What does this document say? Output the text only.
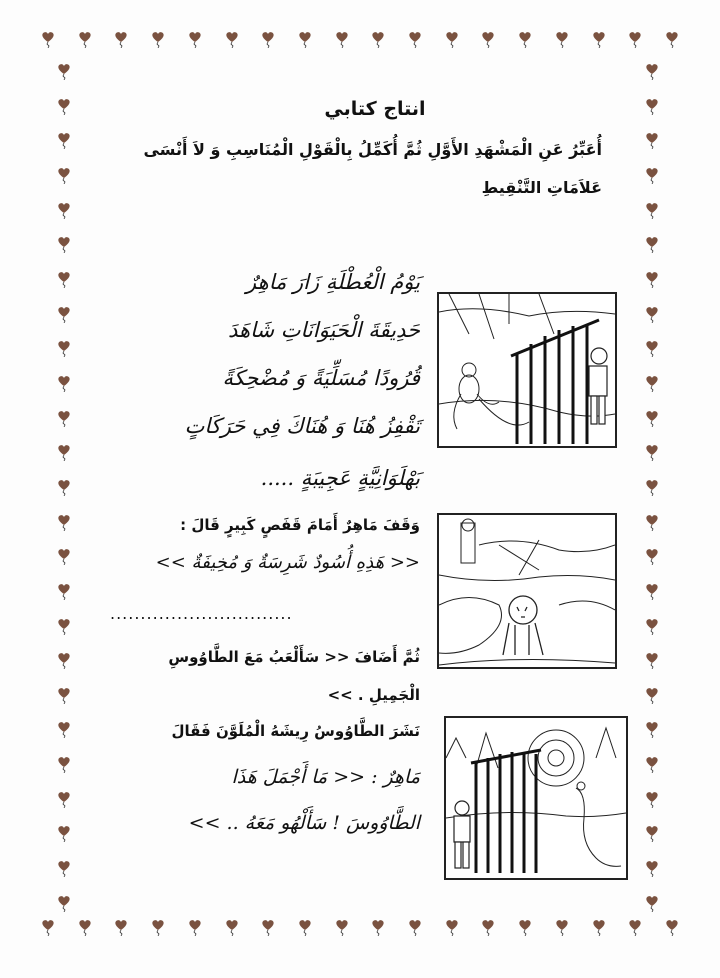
انتاج كتابي
أُعَبِّرُ عَنِ الْمَشْهَدِ الأَوَّلِ ثُمَّ أُكَمِّلُ بِالْقَوْلِ الْمُنَاسِبِ وَ لاَ أَنْسَى
عَلاَمَاتِ التَّنْقِيطِ
يَوْمُ الْعُطْلَةِ زَارَ مَاهِرٌ
حَدِيقَةَ الْحَيَوَانَاتِ شَاهَدَ
قُرُودًا مُسَلِّيَةً وَ مُضْحِكَةً
تَقْفِزُ هُنَا وَ هُنَاكَ فِي حَرَكَاتٍ
بَهْلَوَانِيَّةٍ عَجِيبَةٍ .....
وَقَفَ مَاهِرٌ أَمَامَ قَفَصٍ كَبِيرٍ قَالَ :
<< هَذِهِ أُسُودٌ شَرِسَةٌ وَ مُخِيفَةٌ >>
..............................
ثُمَّ أَضَافَ << سَأَلْعَبُ مَعَ الطَّاوُوسِ
الْجَمِيلِ . >>
نَشَرَ الطَّاوُوسُ رِيشَهُ الْمُلَوَّنَ فَقَالَ
مَاهِرٌ : << مَا أَجْمَلَ هَذَا
الطَّاوُوسَ ! سَأَلْهُو مَعَهُ .. >>
